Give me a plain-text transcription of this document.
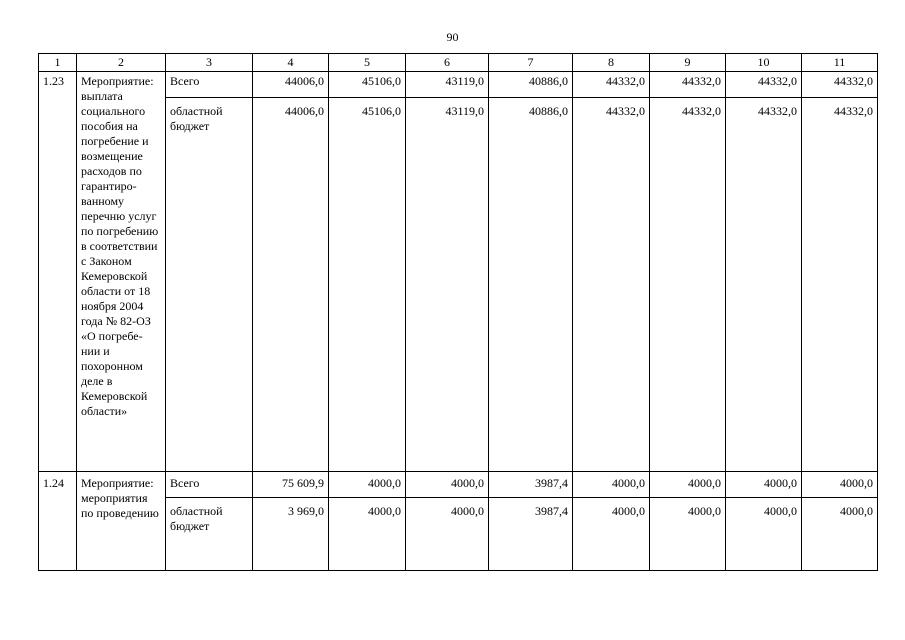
90
1	2	3	4	5	6	7	8	9	10	11
1.23	Мероприятие: выплата социального пособия на погребение и возмещение расходов по гарантиро-ванному перечню услуг по погребению в соответствии с Законом Кемеровской области от 18 ноября 2004 года № 82-ОЗ «О погребе-нии и похоронном деле в Кемеровской области»	Всего	44006,0	45106,0	43119,0	40886,0	44332,0	44332,0	44332,0	44332,0
		областной бюджет	44006,0	45106,0	43119,0	40886,0	44332,0	44332,0	44332,0	44332,0
1.24	Мероприятие: мероприятия по проведению	Всего	75 609,9	4000,0	4000,0	3987,4	4000,0	4000,0	4000,0	4000,0
		областной бюджет	3 969,0	4000,0	4000,0	3987,4	4000,0	4000,0	4000,0	4000,0
